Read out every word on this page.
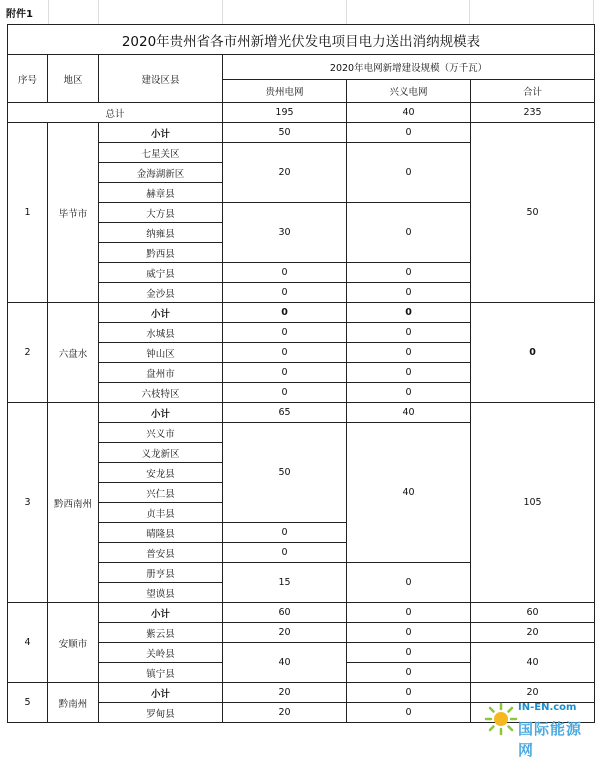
附件1
2020年贵州省各市州新增光伏发电项目电力送出消纳规模表					
序号	地区	建设区县	2020年电网新增建设规模（万千瓦）		
			贵州电网	兴义电网	合计
总计			195	40	235
1	毕节市	小计	50	0	50
		七星关区	20	0	
		金海湖新区			
		赫章县			
		大方县	30	0	
		纳雍县			
		黔西县			
		威宁县	0	0	
		金沙县	0	0	
2	六盘水	小计	0	0	0
		水城县	0	0	
		钟山区	0	0	
		盘州市	0	0	
		六枝特区	0	0	
3	黔西南州	小计	65	40	105
		兴义市	50	40	
		义龙新区			
		安龙县			
		兴仁县			
		贞丰县			
		晴隆县	0		
		普安县	0		
		册亨县	15	0	
		望谟县			
4	安顺市	小计	60	0	60
		紫云县	20	0	20
		关岭县	40	0	40
		镇宁县		0	
5	黔南州	小计	20	0	20
		罗甸县	20	0		IN-EN.com
国际能源网
